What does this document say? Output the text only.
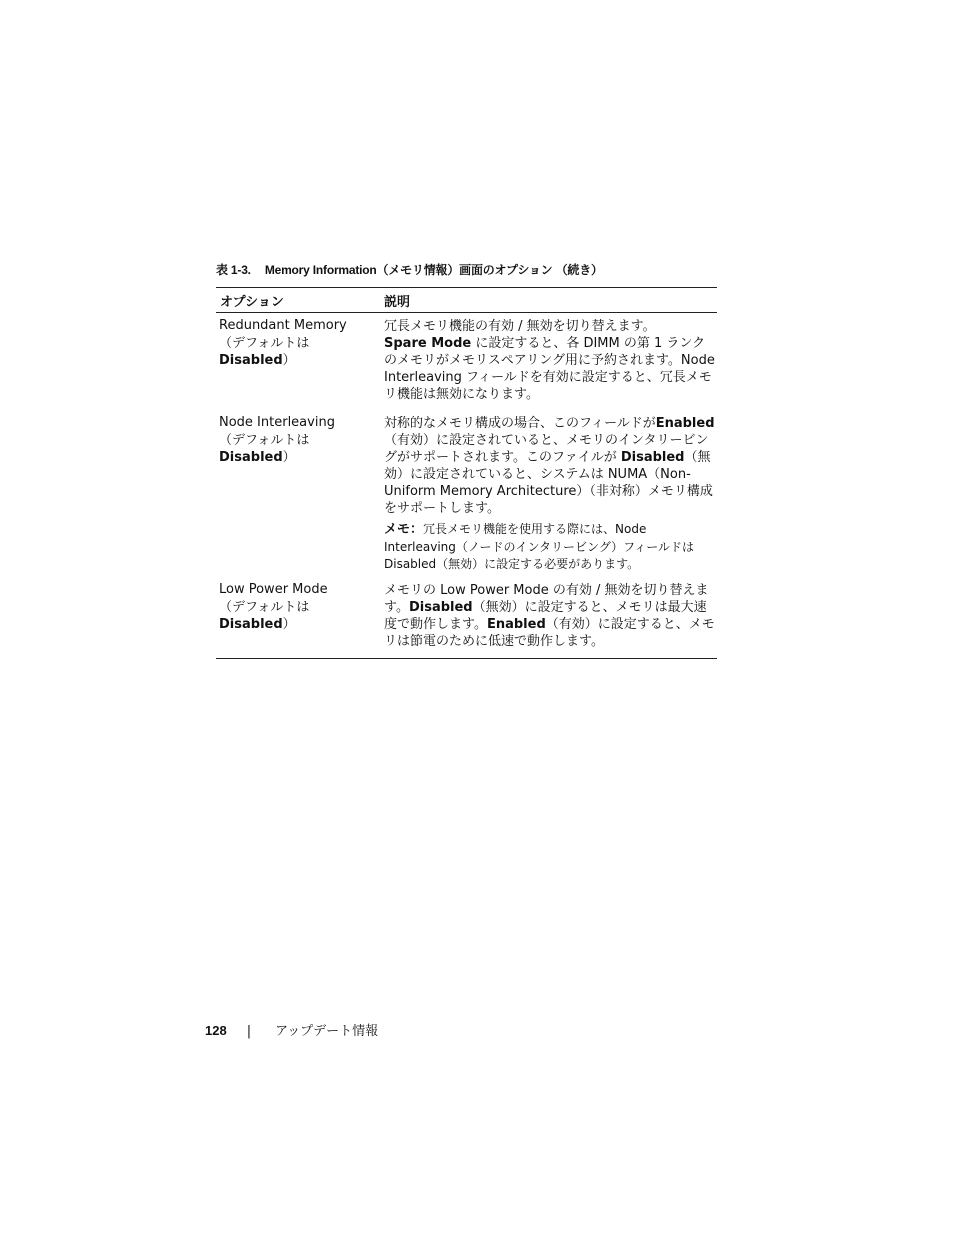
表 1-3. Memory Information（メモリ情報）画面のオプション （続き）
オプション	説明
Redundant Memory
（デフォルトは
Disabled）

冗長メモリ機能の有効 / 無効を切り替えます。

Spare Mode に設定すると、各 DIMM の第 1 ランクのメモリがメモリスペアリング用に予約されます。Node Interleaving フィールドを有効に設定すると、冗長メモリ機能は無効になります。

Node Interleaving
（デフォルトは
Disabled）

対称的なメモリ構成の場合、このフィールドがEnabled（有効）に設定されていると、メモリのインタリービングがサポートされます。このファイルが Disabled（無効）に設定されていると、システムは NUMA（Non-Uniform Memory Architecture）（非対称）メモリ構成をサポートします。

メモ：冗長メモリ機能を使用する際には、Node Interleaving（ノードのインタリービング）フィールドは Disabled（無効）に設定する必要があります。

Low Power Mode
（デフォルトは
Disabled）

メモリの Low Power Mode の有効 / 無効を切り替えます。Disabled（無効）に設定すると、メモリは最大速度で動作します。Enabled（有効）に設定すると、メモリは節電のために低速で動作します。

128 | アップデート情報
